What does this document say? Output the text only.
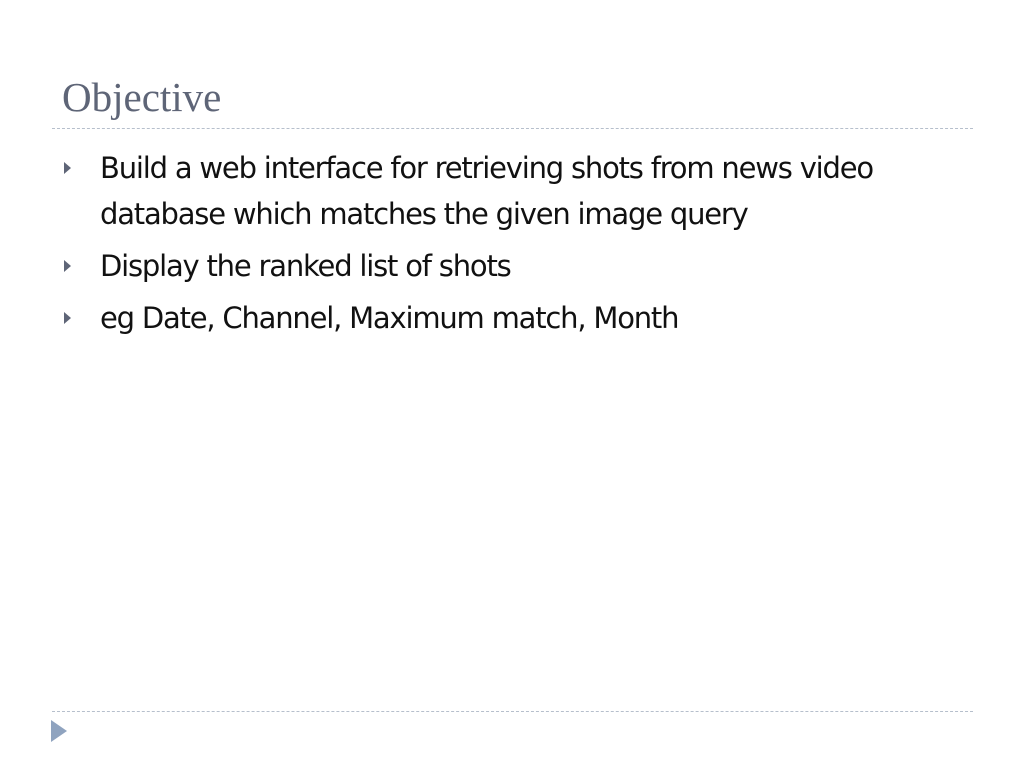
Objective
Build a web interface for retrieving shots from news video database which matches the given image query
Display the ranked list of shots
eg Date, Channel, Maximum match, Month
